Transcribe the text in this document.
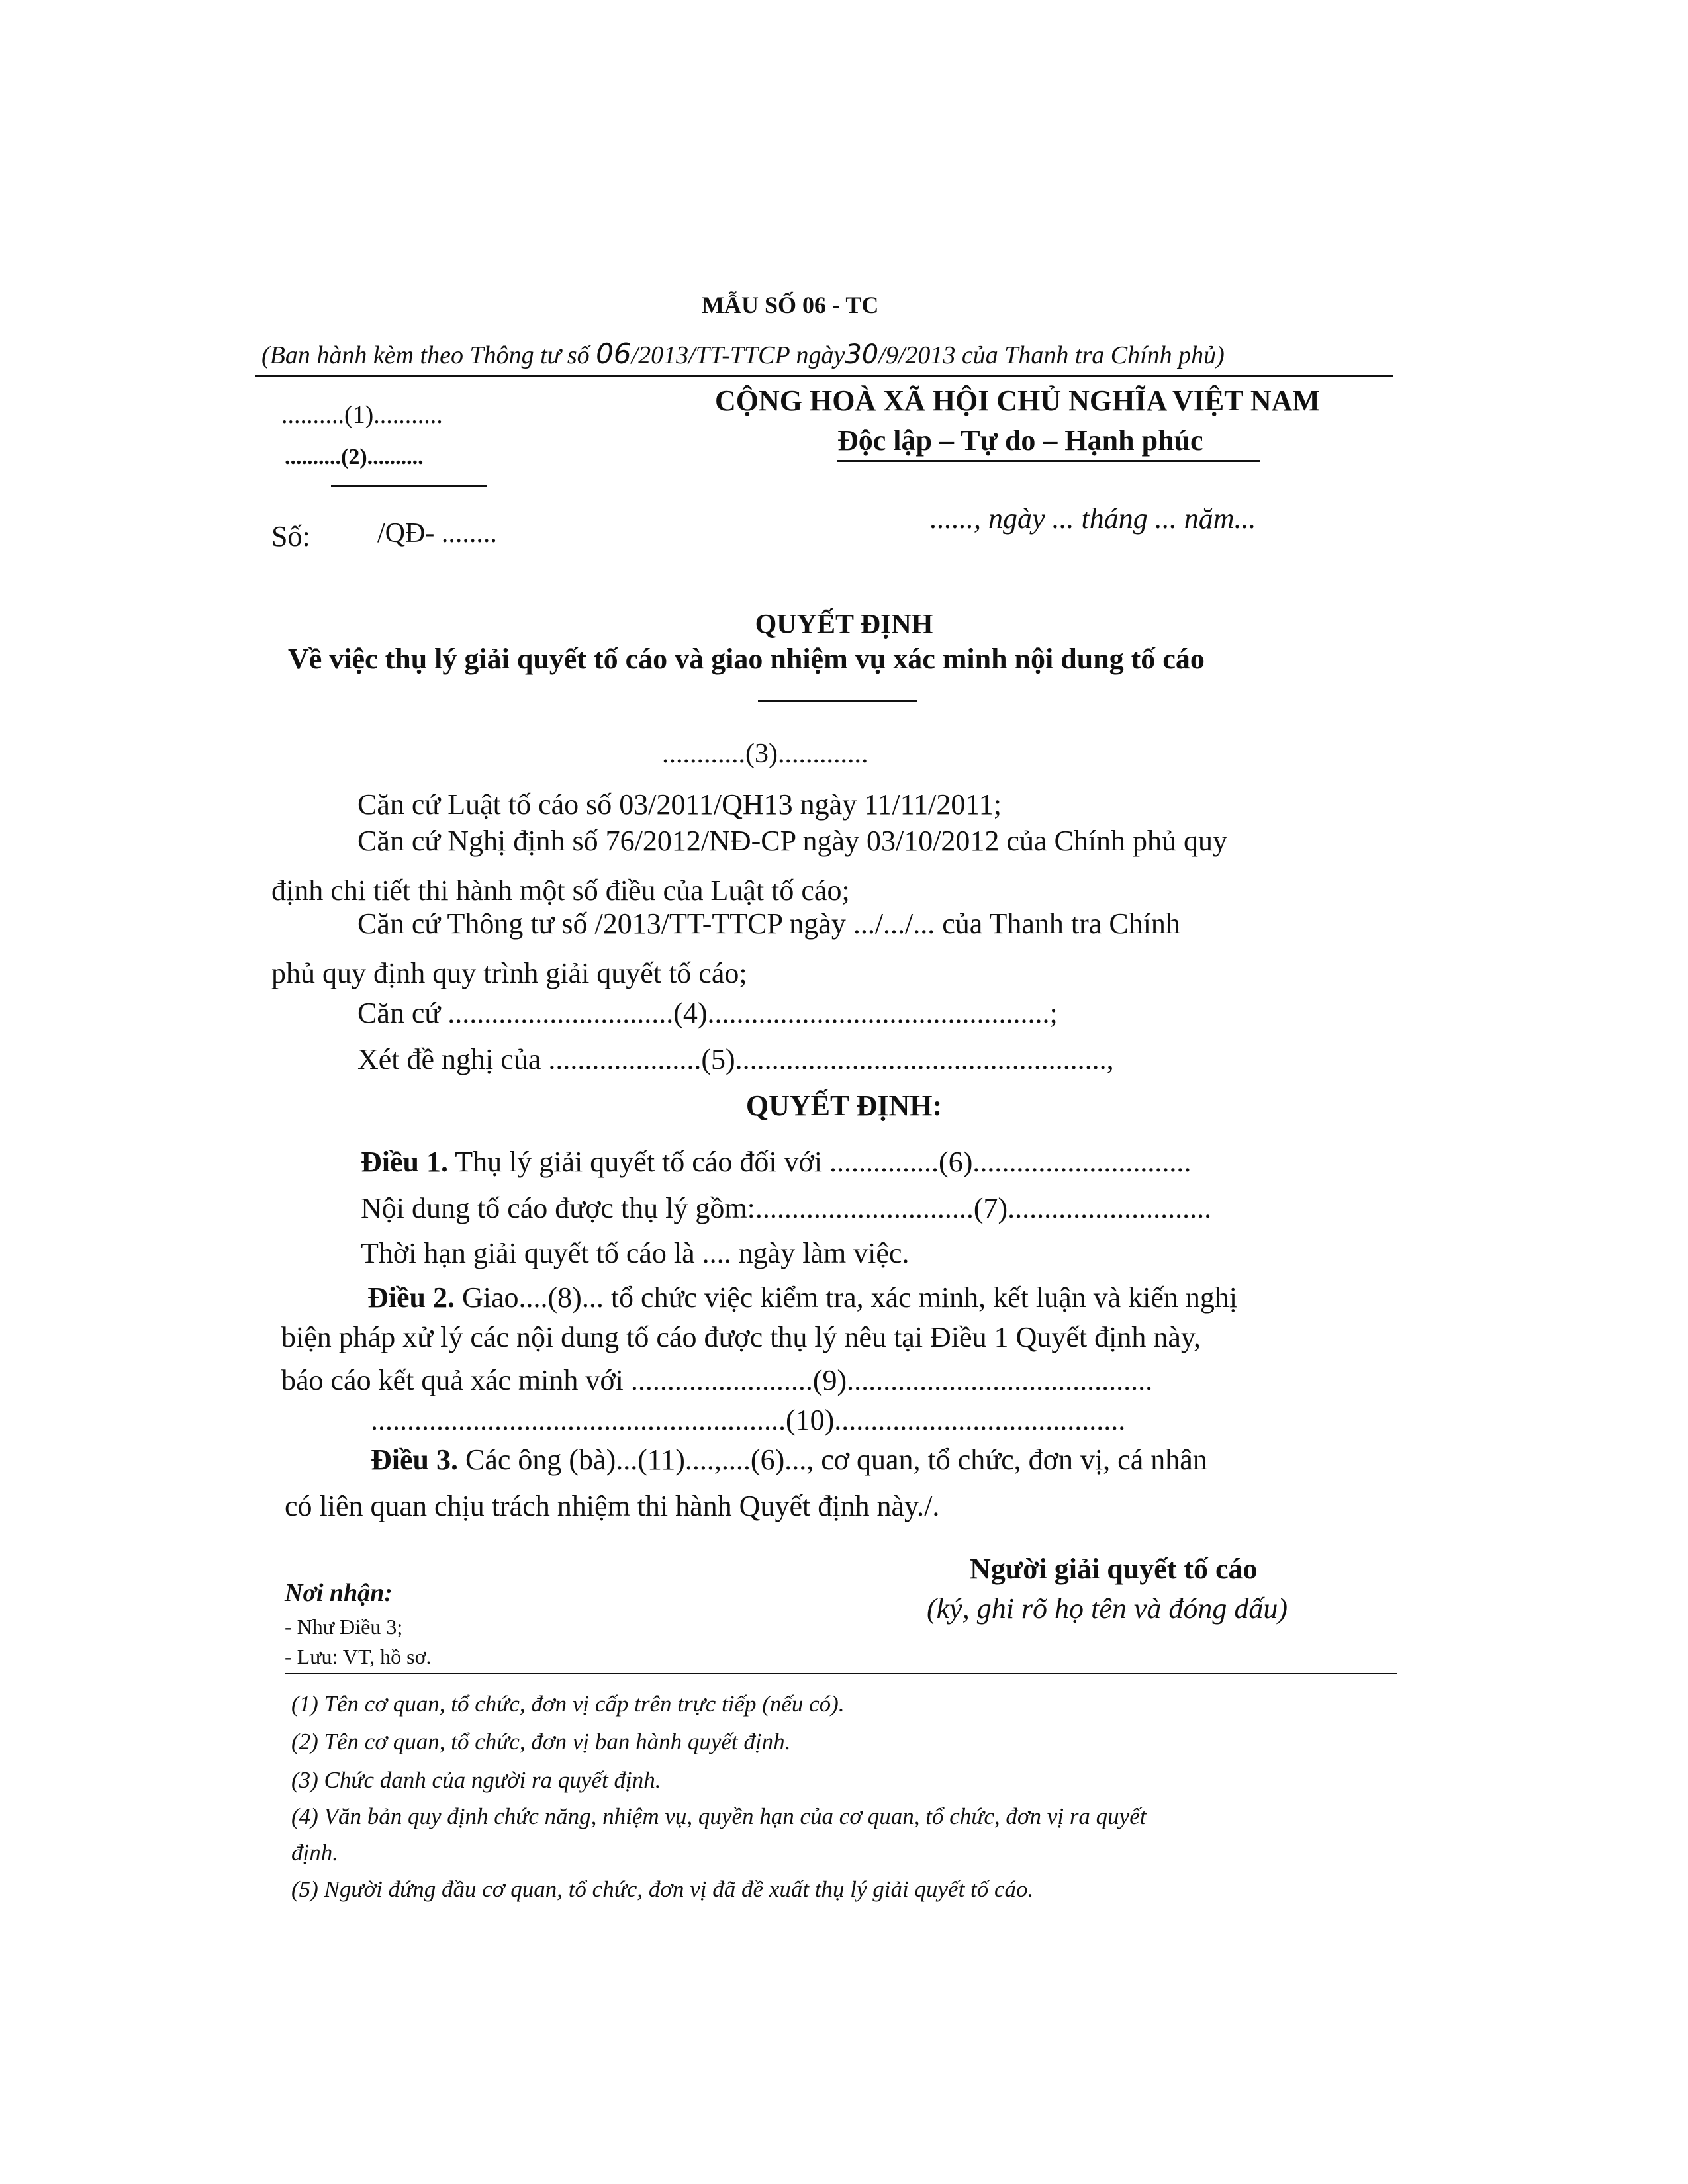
MẪU SỐ 06 - TC
(Ban hành kèm theo Thông tư số 06/2013/TT-TTCP ngày30/9/2013 của Thanh tra Chính phủ)
..........(1)...........
..........(2)..........
CỘNG HOÀ XÃ HỘI CHỦ NGHĨA VIỆT NAM
Độc lập – Tự do – Hạnh phúc
Số: /QĐ- ........	......, ngày ... tháng ... năm...
QUYẾT ĐỊNH
Về việc thụ lý giải quyết tố cáo và giao nhiệm vụ xác minh nội dung tố cáo
............(3).............
Căn cứ Luật tố cáo số 03/2011/QH13 ngày 11/11/2011;
Căn cứ Nghị định số 76/2012/NĐ-CP ngày 03/10/2012 của Chính phủ quy
định chi tiết thi hành một số điều của Luật tố cáo;
Căn cứ Thông tư số /2013/TT-TTCP ngày .../.../... của Thanh tra Chính
phủ quy định quy trình giải quyết tố cáo;
Căn cứ ...............................(4)...............................................;
Xét đề nghị của .....................(5)...................................................,
QUYẾT ĐỊNH:
Điều 1. Thụ lý giải quyết tố cáo đối với ...............(6)..............................
Nội dung tố cáo được thụ lý gồm:..............................(7)............................
Thời hạn giải quyết tố cáo là .... ngày làm việc.
Điều 2. Giao....(8)... tổ chức việc kiểm tra, xác minh, kết luận và kiến nghị
biện pháp xử lý các nội dung tố cáo được thụ lý nêu tại Điều 1 Quyết định này,
báo cáo kết quả xác minh với .........................(9)..........................................
.........................................................(10)........................................
Điều 3. Các ông (bà)...(11)....,....(6)..., cơ quan, tổ chức, đơn vị, cá nhân
có liên quan chịu trách nhiệm thi hành Quyết định này./.
Nơi nhận:
- Như Điều 3;
- Lưu: VT, hồ sơ.
Người giải quyết tố cáo
(ký, ghi rõ họ tên và đóng dấu)
(1) Tên cơ quan, tổ chức, đơn vị cấp trên trực tiếp (nếu có).
(2) Tên cơ quan, tổ chức, đơn vị ban hành quyết định.
(3) Chức danh của người ra quyết định.
(4) Văn bản quy định chức năng, nhiệm vụ, quyền hạn của cơ quan, tổ chức, đơn vị ra quyết
định.
(5) Người đứng đầu cơ quan, tổ chức, đơn vị đã đề xuất thụ lý giải quyết tố cáo.
